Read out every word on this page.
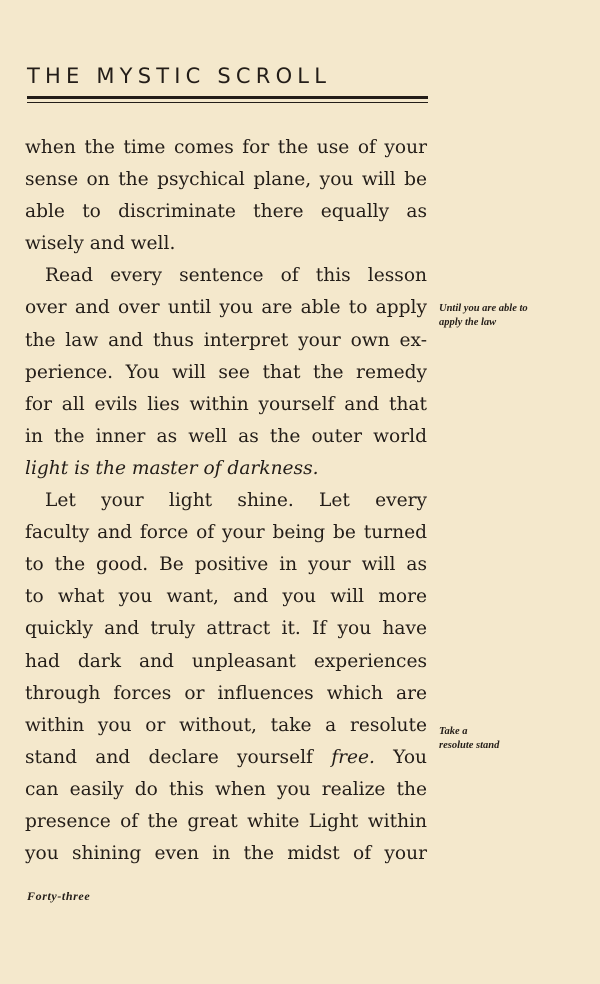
THE MYSTIC SCROLL
when the time comes for the use of your
sense on the psychical plane, you will be
able to discriminate there equally as
wisely and well.
Read every sentence of this lesson
over and over until you are able to apply
the law and thus interpret your own ex-
perience. You will see that the remedy
for all evils lies within yourself and that
in the inner as well as the outer world
light is the master of darkness.
Let your light shine. Let every
faculty and force of your being be turned
to the good. Be positive in your will as
to what you want, and you will more
quickly and truly attract it. If you have
had dark and unpleasant experiences
through forces or influences which are
within you or without, take a resolute
stand and declare yourself free. You
can easily do this when you realize the
presence of the great white Light within
you shining even in the midst of your
Until you are able to
apply the law
Take a
resolute stand
Forty-three
